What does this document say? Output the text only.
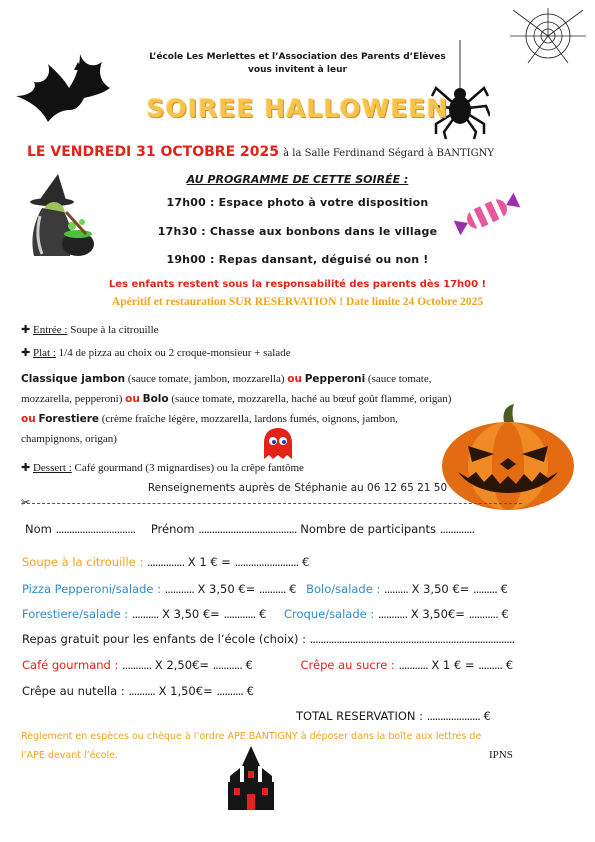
L’école Les Merlettes et l’Association des Parents d’Elèves
vous invitent à leur
SOIREE HALLOWEEN
LE VENDREDI 31 OCTOBRE 2025 à la Salle Ferdinand Ségard à BANTIGNY
AU PROGRAMME DE CETTE SOIRÉE :
17h00 : Espace photo à votre disposition
17h30 : Chasse aux bonbons dans le village
19h00 : Repas dansant, déguisé ou non !
Les enfants restent sous la responsabilité des parents dès 17h00 !
Apéritif et restauration SUR RESERVATION ! Date limite 24 Octobre 2025
✚ Entrée : Soupe à la citrouille
✚ Plat : 1/4 de pizza au choix ou 2 croque-monsieur + salade
Classique jambon (sauce tomate, jambon, mozzarella) ou Pepperoni (sauce tomate,
mozzarella, pepperoni) ou Bolo (sauce tomate, mozzarella, haché au bœuf goût flammé, origan)
ou Forestiere (crème fraîche légère, mozzarella, lardons fumés, oignons, jambon,
champignons, origan)
✚ Dessert : Café gourmand (3 mignardises) ou la crêpe fantôme
Renseignements auprès de Stéphanie au 06 12 65 21 50
✂
Nom .............................. Prénom ..................................... Nombre de participants .............
Soupe à la citrouille : .............. X 1 € = ........................ €
Pizza Pepperoni/salade : ........... X 3,50 €= .......... € Bolo/salade : ......... X 3,50 €= ......... €
Forestiere/salade : .......... X 3,50 €= ............ € Croque/salade : ........... X 3,50€= ........... €
Repas gratuit pour les enfants de l’école (choix) : .............................................................................
Café gourmand : ........... X 2,50€= ........... €	Crêpe au sucre : ........... X 1 € = ......... €
Crêpe au nutella : .......... X 1,50€= .......... €
TOTAL RESERVATION : .................... €
Règlement en espèces ou chèque à l’ordre APE BANTIGNY à déposer dans la boîte aux lettres de
l’APE devant l’école.	IPNS
